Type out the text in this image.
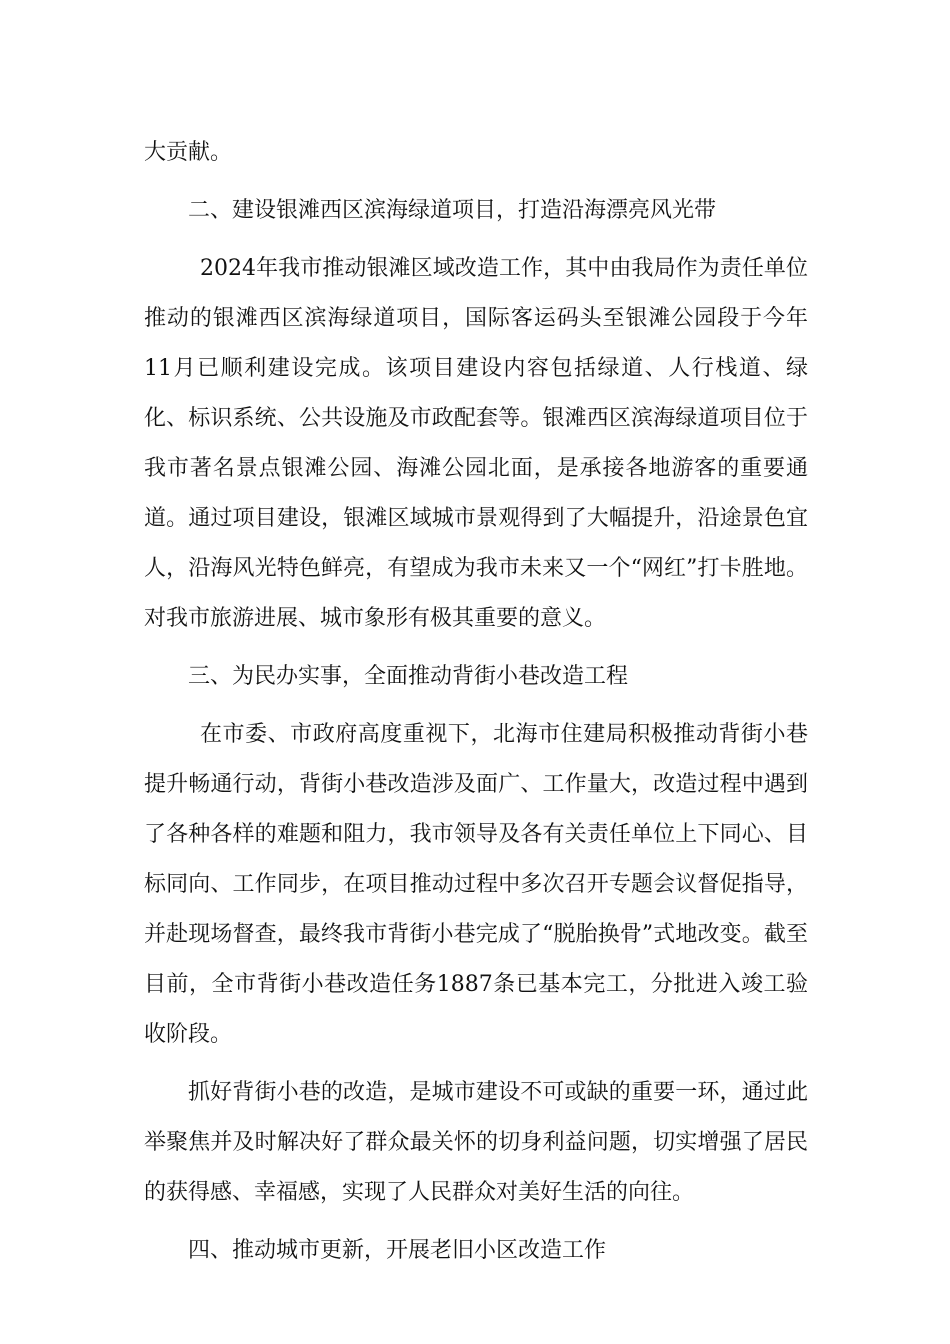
大贡献。

二、建设银滩西区滨海绿道项目，打造沿海漂亮风光带

2024年我市推动银滩区域改造工作，其中由我局作为责任单位推动的银滩西区滨海绿道项目，国际客运码头至银滩公园段于今年11月已顺利建设完成。该项目建设内容包括绿道、人行栈道、绿化、标识系统、公共设施及市政配套等。银滩西区滨海绿道项目位于我市著名景点银滩公园、海滩公园北面，是承接各地游客的重要通道。通过项目建设，银滩区域城市景观得到了大幅提升，沿途景色宜人，沿海风光特色鲜亮，有望成为我市未来又一个“网红”打卡胜地。对我市旅游进展、城市象形有极其重要的意义。

三、为民办实事，全面推动背街小巷改造工程

在市委、市政府高度重视下，北海市住建局积极推动背街小巷提升畅通行动，背街小巷改造涉及面广、工作量大，改造过程中遇到了各种各样的难题和阻力，我市领导及各有关责任单位上下同心、目标同向、工作同步，在项目推动过程中多次召开专题会议督促指导，并赴现场督查，最终我市背街小巷完成了“脱胎换骨”式地改变。截至目前，全市背街小巷改造任务1887条已基本完工，分批进入竣工验收阶段。

抓好背街小巷的改造，是城市建设不可或缺的重要一环，通过此举聚焦并及时解决好了群众最关怀的切身利益问题，切实增强了居民的获得感、幸福感，实现了人民群众对美好生活的向往。

四、推动城市更新，开展老旧小区改造工作
